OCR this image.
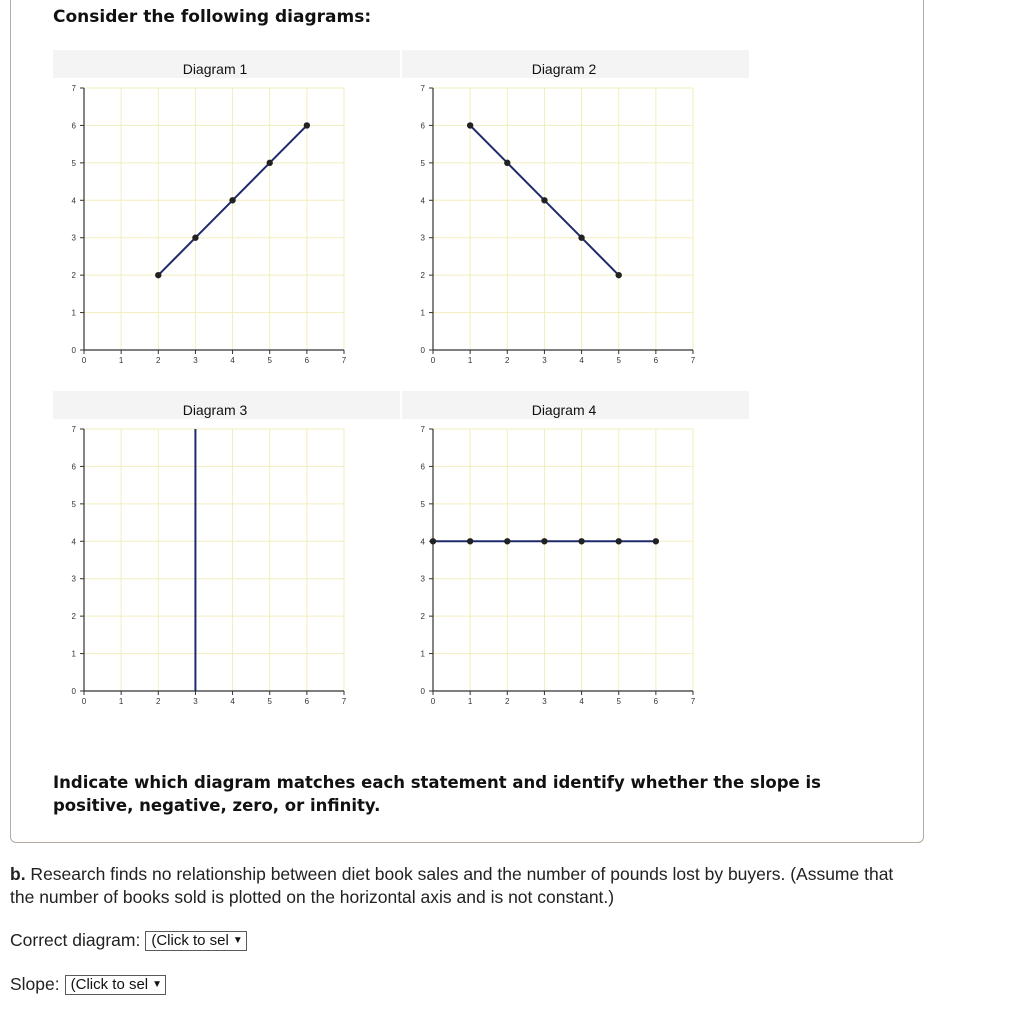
Consider the following diagrams:
Diagram 1
0	1	2	3	4	5	6	7
0
1
2
3
4
5
6
7
Diagram 2
0	1	2	3	4	5	6	7
0
1
2
3
4
5
6
7
Diagram 3
0	1	2	3	4	5	6	7
0
1
2
3
4
5
6
7
Diagram 4
0	1	2	3	4	5	6	7
0
1
2
3
4
5
6
7
Indicate which diagram matches each statement and identify whether the slope is positive, negative, zero, or infinity.
b. Research finds no relationship between diet book sales and the number of pounds lost by buyers. (Assume that the number of books sold is plotted on the horizontal axis and is not constant.)
Correct diagram: (Click to sel ▼
Slope: (Click to sel ▼
